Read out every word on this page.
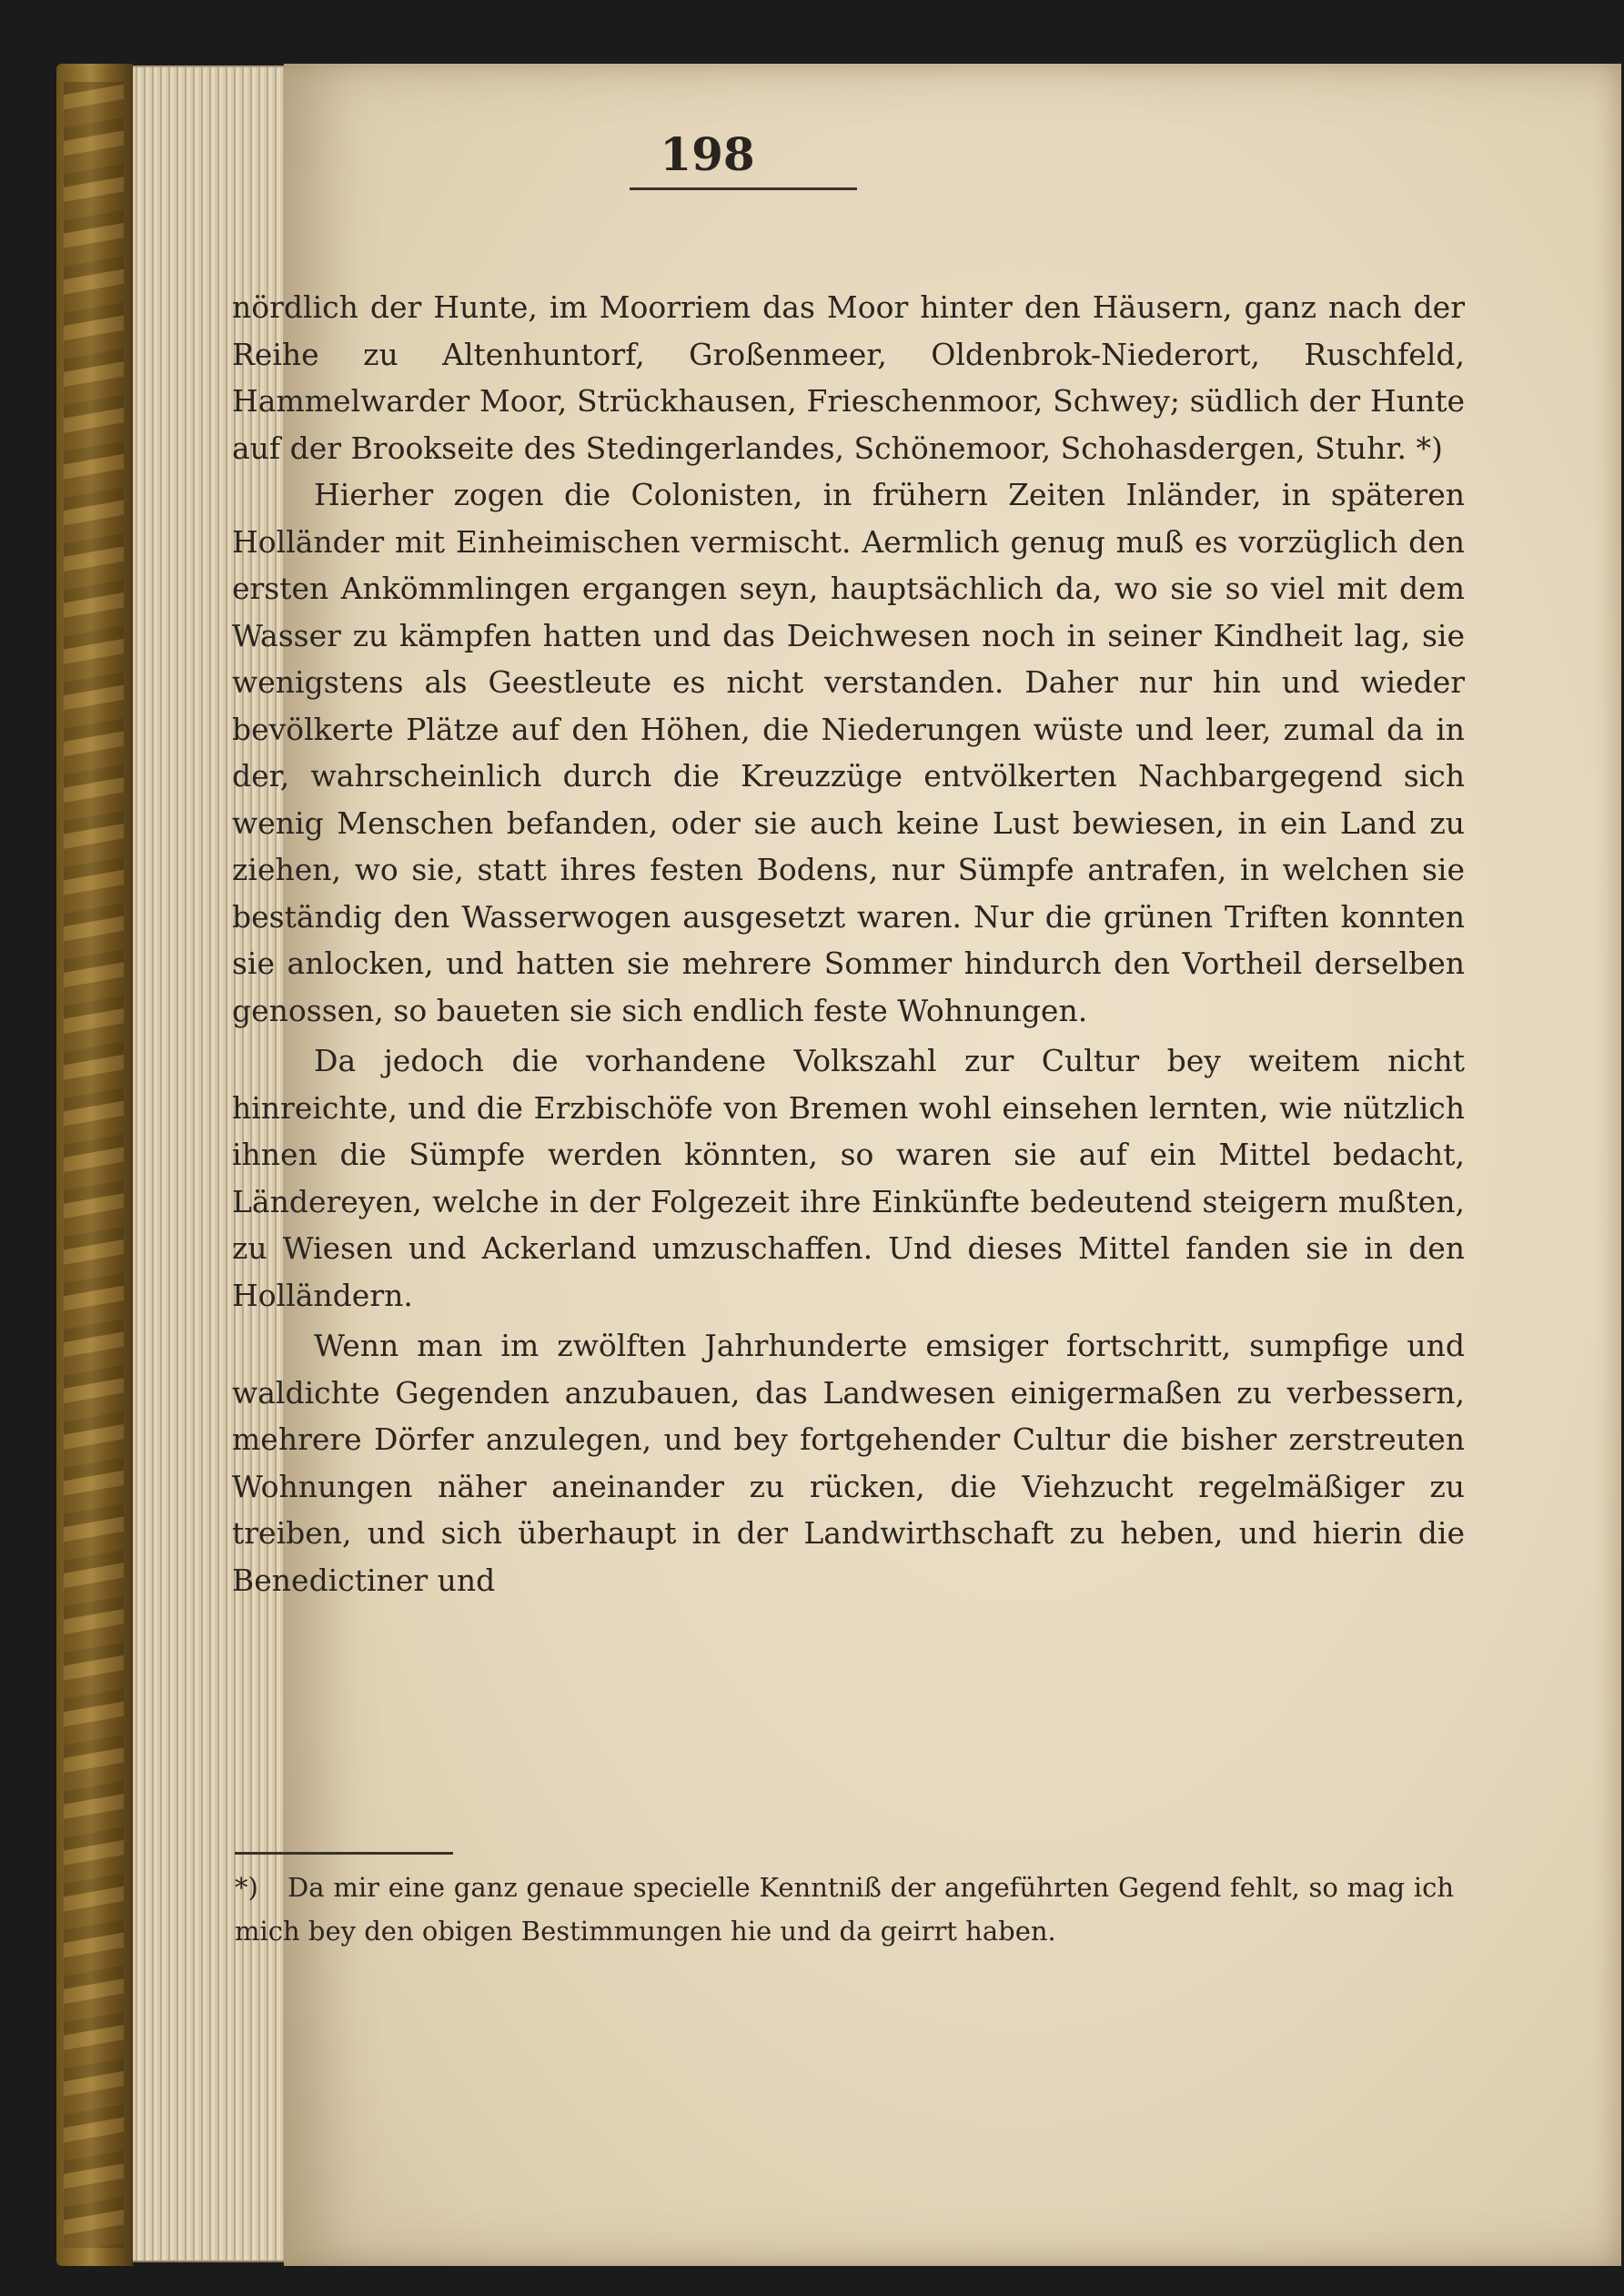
198

nördlich der Hunte, im Moorriem das Moor hinter den Häusern, ganz nach der Reihe zu Altenhuntorf, Großenmeer, Oldenbrok-Niederort, Ruschfeld, Hammelwarder Moor, Strückhausen, Frieschenmoor, Schwey; südlich der Hunte auf der Brookseite des Stedingerlandes, Schönemoor, Schohasdergen, Stuhr. *)

Hierher zogen die Colonisten, in frühern Zeiten Inländer, in späteren Holländer mit Einheimischen vermischt. Aermlich genug muß es vorzüglich den ersten Ankömmlingen ergangen seyn, hauptsächlich da, wo sie so viel mit dem Wasser zu kämpfen hatten und das Deichwesen noch in seiner Kindheit lag, sie wenigstens als Geestleute es nicht verstanden. Daher nur hin und wieder bevölkerte Plätze auf den Höhen, die Niederungen wüste und leer, zumal da in der, wahrscheinlich durch die Kreuzzüge entvölkerten Nachbargegend sich wenig Menschen befanden, oder sie auch keine Lust bewiesen, in ein Land zu ziehen, wo sie, statt ihres festen Bodens, nur Sümpfe antrafen, in welchen sie beständig den Wasserwogen ausgesetzt waren. Nur die grünen Triften konnten sie anlocken, und hatten sie mehrere Sommer hindurch den Vortheil derselben genossen, so baueten sie sich endlich feste Wohnungen.

Da jedoch die vorhandene Volkszahl zur Cultur bey weitem nicht hinreichte, und die Erzbischöfe von Bremen wohl einsehen lernten, wie nützlich ihnen die Sümpfe werden könnten, so waren sie auf ein Mittel bedacht, Ländereyen, welche in der Folgezeit ihre Einkünfte bedeutend steigern mußten, zu Wiesen und Ackerland umzuschaffen. Und dieses Mittel fanden sie in den Holländern.

Wenn man im zwölften Jahrhunderte emsiger fortschritt, sumpfige und waldichte Gegenden anzubauen, das Landwesen einigermaßen zu verbessern, mehrere Dörfer anzulegen, und bey fortgehender Cultur die bisher zerstreuten Wohnungen näher aneinander zu rücken, die Viehzucht regelmäßiger zu treiben, und sich überhaupt in der Landwirthschaft zu heben, und hierin die Benedictiner und

*) Da mir eine ganz genaue specielle Kenntniß der angeführten Gegend fehlt, so mag ich mich bey den obigen Bestimmungen hie und da geirrt haben.
